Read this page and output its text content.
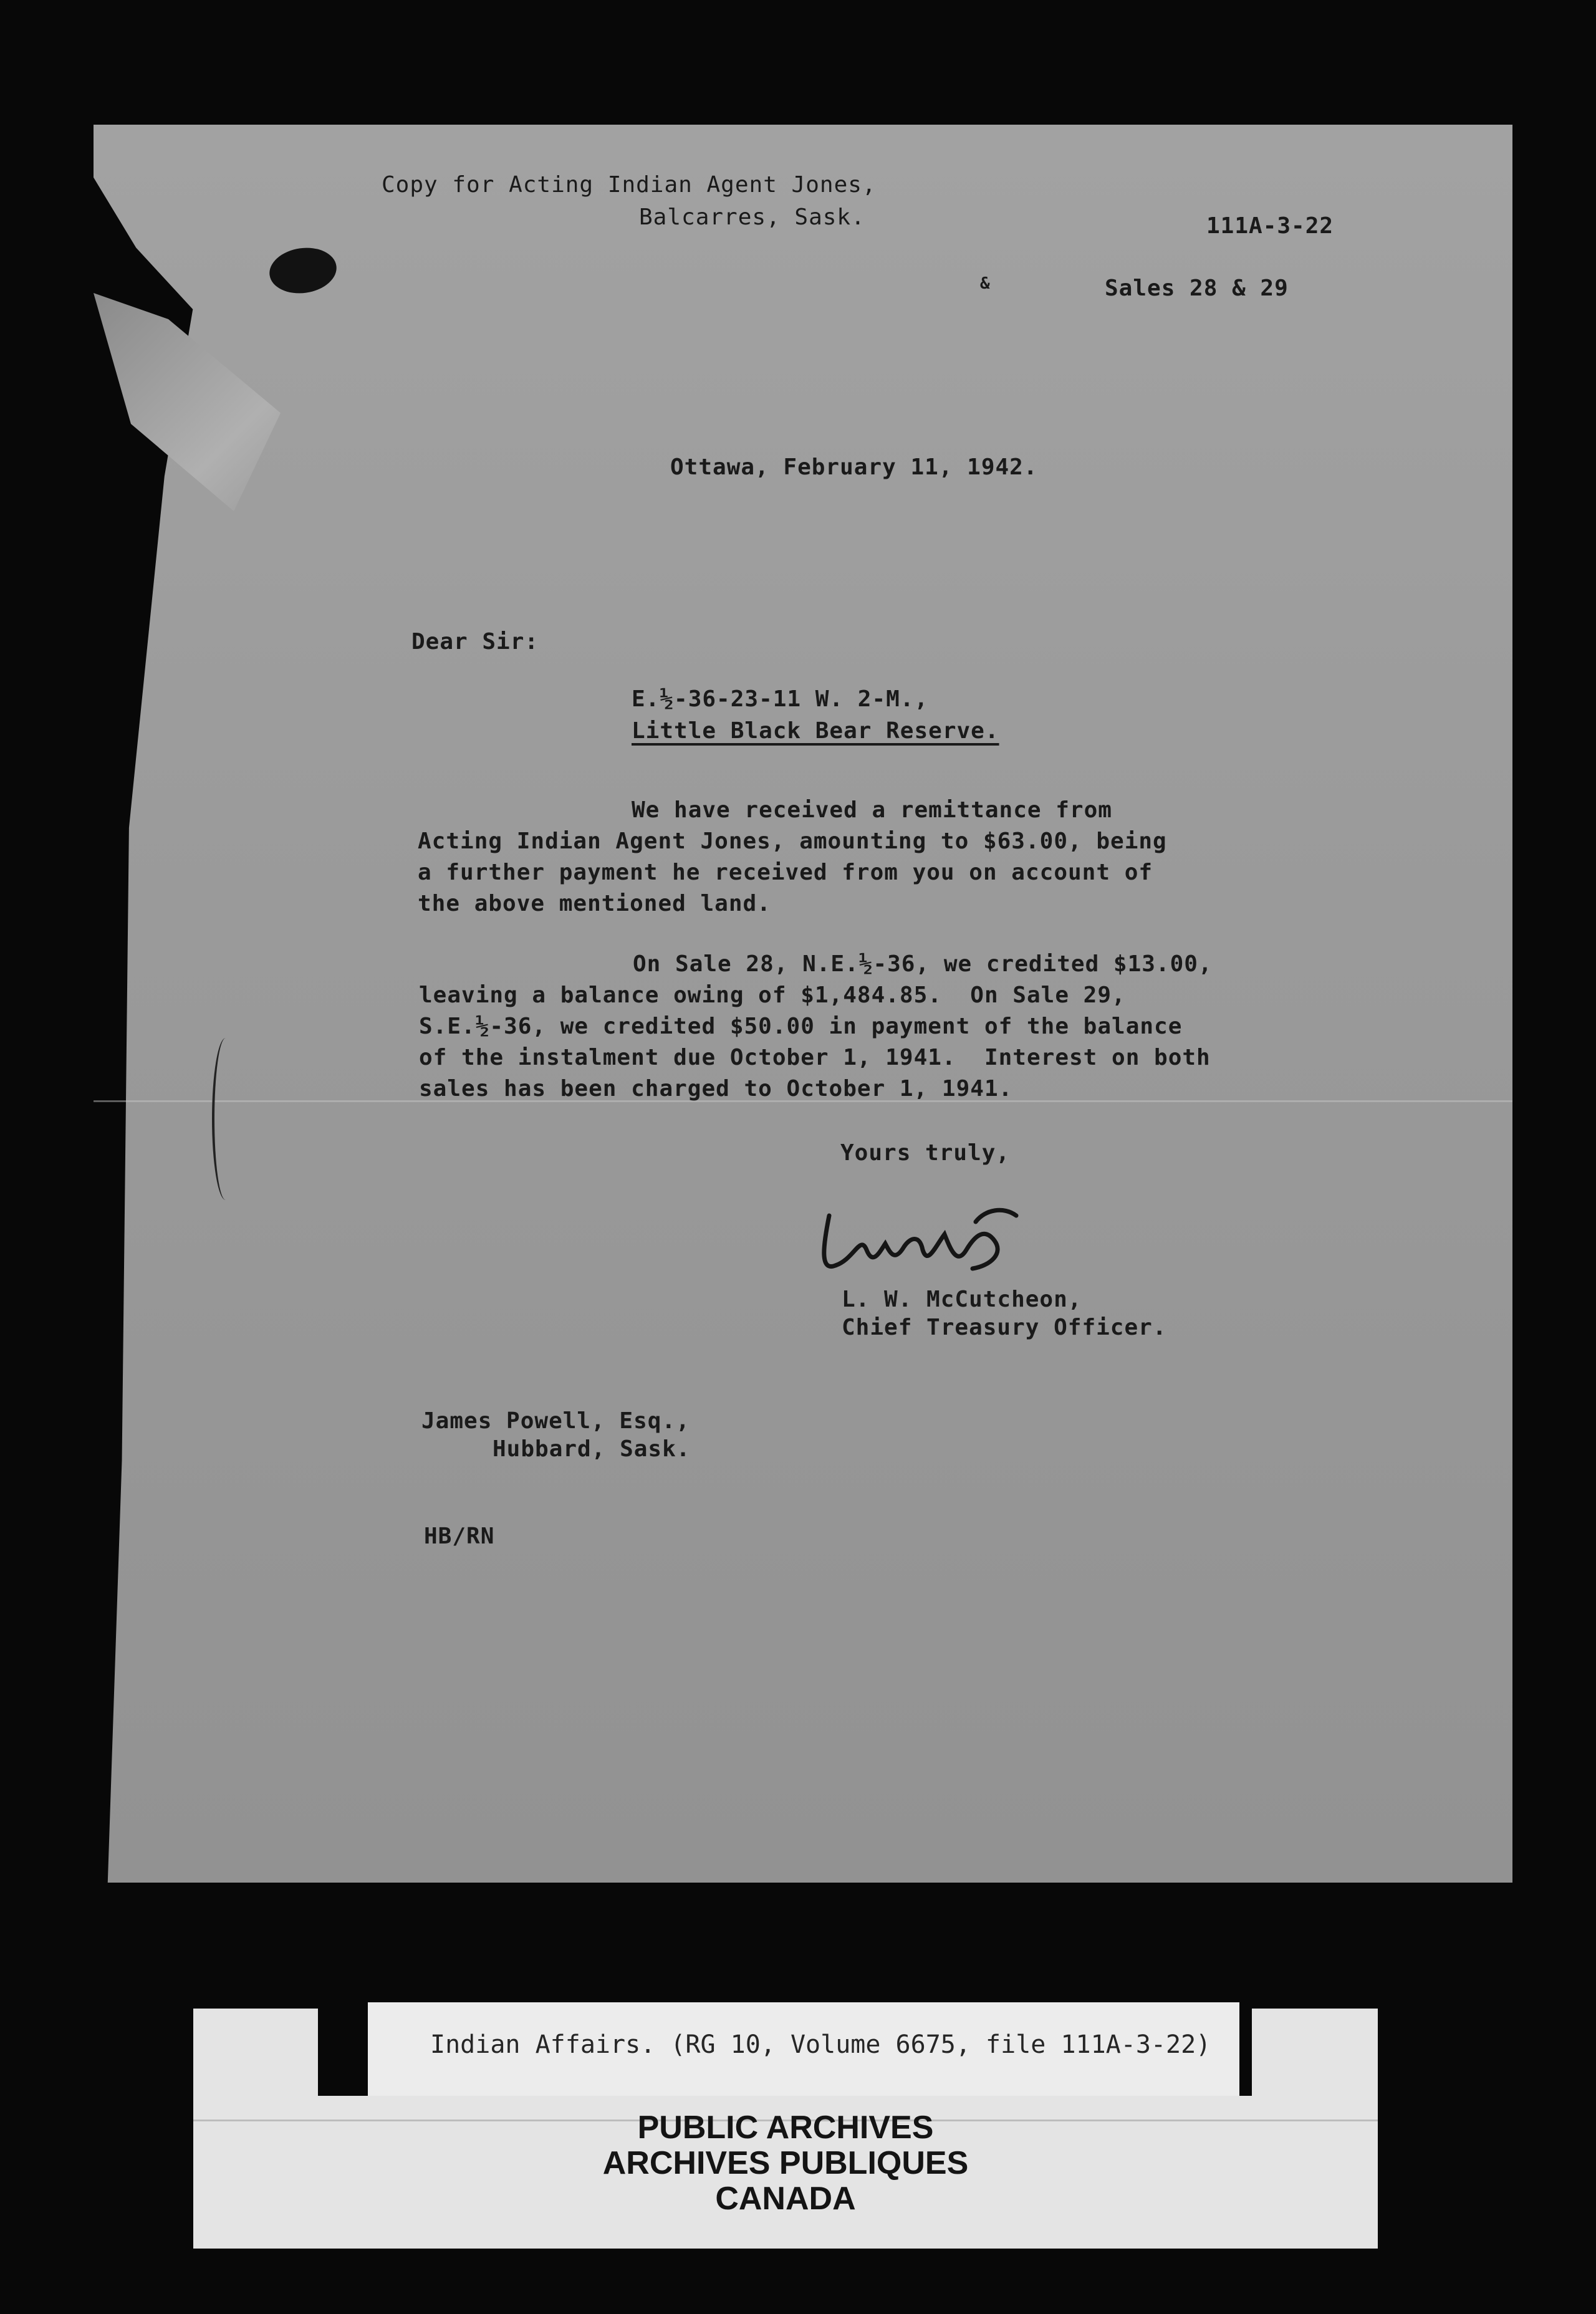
Copy for Acting Indian Agent Jones,
Balcarres, Sask.	111A-3-22
&	Sales 28 & 29
Ottawa, February 11, 1942.
Dear Sir:
E.½-36-23-11 W. 2-M.,
Little Black Bear Reserve.
We have received a remittance from
Acting Indian Agent Jones, amounting to $63.00, being
a further payment he received from you on account of
the above mentioned land.
On Sale 28, N.E.½-36, we credited $13.00,
leaving a balance owing of $1,484.85.  On Sale 29,
S.E.½-36, we credited $50.00 in payment of the balance
of the instalment due October 1, 1941.  Interest on both
sales has been charged to October 1, 1941.
Yours truly,
L. W. McCutcheon,
Chief Treasury Officer.
James Powell, Esq.,
Hubbard, Sask.
HB/RN
Indian Affairs. (RG 10, Volume 6675, file 111A-3-22)
PUBLIC ARCHIVES
ARCHIVES PUBLIQUES
CANADA
